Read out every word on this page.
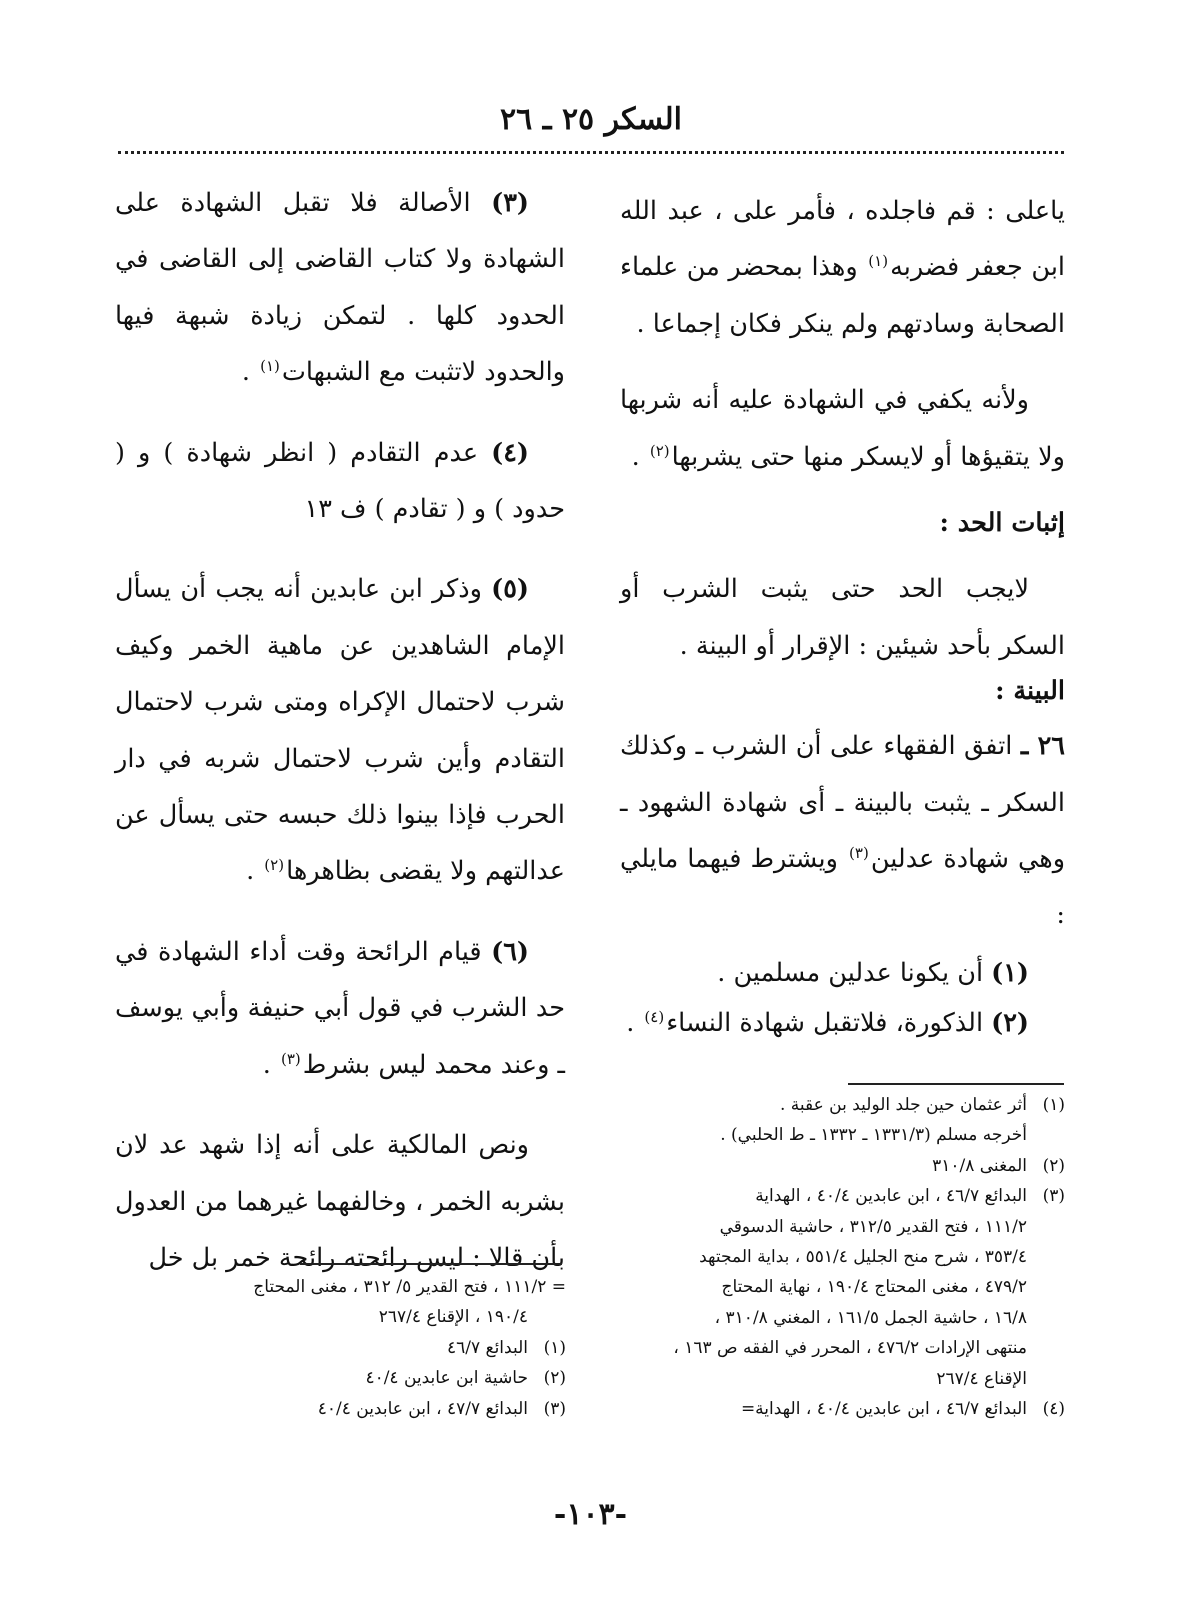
السكر ٢٥ ـ ٢٦

ياعلى : قم فاجلده ، فأمر على ، عبد الله ابن جعفر فضربه$^{(١)}$ وهذا بمحضر من علماء الصحابة وسادتهم ولم ينكر فكان إجماعا .

ولأنه يكفي في الشهادة عليه أنه شربها ولا يتقيؤها أو لايسكر منها حتى يشربها$^{(٢)}$ .

إثبات الحد :

لايجب الحد حتى يثبت الشرب أو السكر بأحد شيئين : الإقرار أو البينة .

البينة :

٢٦ ـ اتفق الفقهاء على أن الشرب ـ وكذلك السكر ـ يثبت بالبينة ـ أى شهادة الشهود ـ وهي شهادة عدلين$^{(٣)}$ ويشترط فيهما مايلي :

(١) أن يكونا عدلين مسلمين .

(٢) الذكورة، فلاتقبل شهادة النساء$^{(٤)}$ .

(١)
أثر عثمان حين جلد الوليد بن عقبة .
أخرجه مسلم (١٣٣١/٣ ـ ١٣٣٢ ـ ط الحلبي) .
(٢)
المغنى ٣١٠/٨
(٣)
البدائع ٤٦/٧ ، ابن عابدين ٤٠/٤ ، الهداية
١١١/٢ ، فتح القدير ٣١٢/٥ ، حاشية الدسوقي
٣٥٣/٤ ، شرح منح الجليل ٥٥١/٤ ، بداية المجتهد
٤٧٩/٢ ، مغنى المحتاج ١٩٠/٤ ، نهاية المحتاج
١٦/٨ ، حاشية الجمل ١٦١/٥ ، المغني ٣١٠/٨ ،
منتهى الإرادات ٤٧٦/٢ ، المحرر في الفقه ص ١٦٣ ،
الإقناع ٢٦٧/٤
(٤)
البدائع ٤٦/٧ ، ابن عابدين ٤٠/٤ ، الهداية=

(٣) الأصالة فلا تقبل الشهادة على الشهادة ولا كتاب القاضى إلى القاضى في الحدود كلها . لتمكن زيادة شبهة فيها والحدود لاتثبت مع الشبهات$^{(١)}$ .

(٤) عدم التقادم ( انظر شهادة ) و ( حدود ) و ( تقادم ) ف ١٣

(٥) وذكر ابن عابدين أنه يجب أن يسأل الإمام الشاهدين عن ماهية الخمر وكيف شرب لاحتمال الإكراه ومتى شرب لاحتمال التقادم وأين شرب لاحتمال شربه في دار الحرب فإذا بينوا ذلك حبسه حتى يسأل عن عدالتهم ولا يقضى بظاهرها$^{(٢)}$ .

(٦) قيام الرائحة وقت أداء الشهادة في حد الشرب في قول أبي حنيفة وأبي يوسف ـ وعند محمد ليس بشرط$^{(٣)}$ .

ونص المالكية على أنه إذا شهد عد لان بشربه الخمر ، وخالفهما غيرهما من العدول بأن قالا : ليس رائحته رائحة خمر بل خل

= ١١١/٢ ، فتح القدير ٥/ ٣١٢ ، مغنى المحتاج
١٩٠/٤ ، الإقناع ٢٦٧/٤
(١)
البدائع ٤٦/٧
(٢)
حاشية ابن عابدين ٤٠/٤
(٣)
البدائع ٤٧/٧ ، ابن عابدين ٤٠/٤
-١٠٣-
